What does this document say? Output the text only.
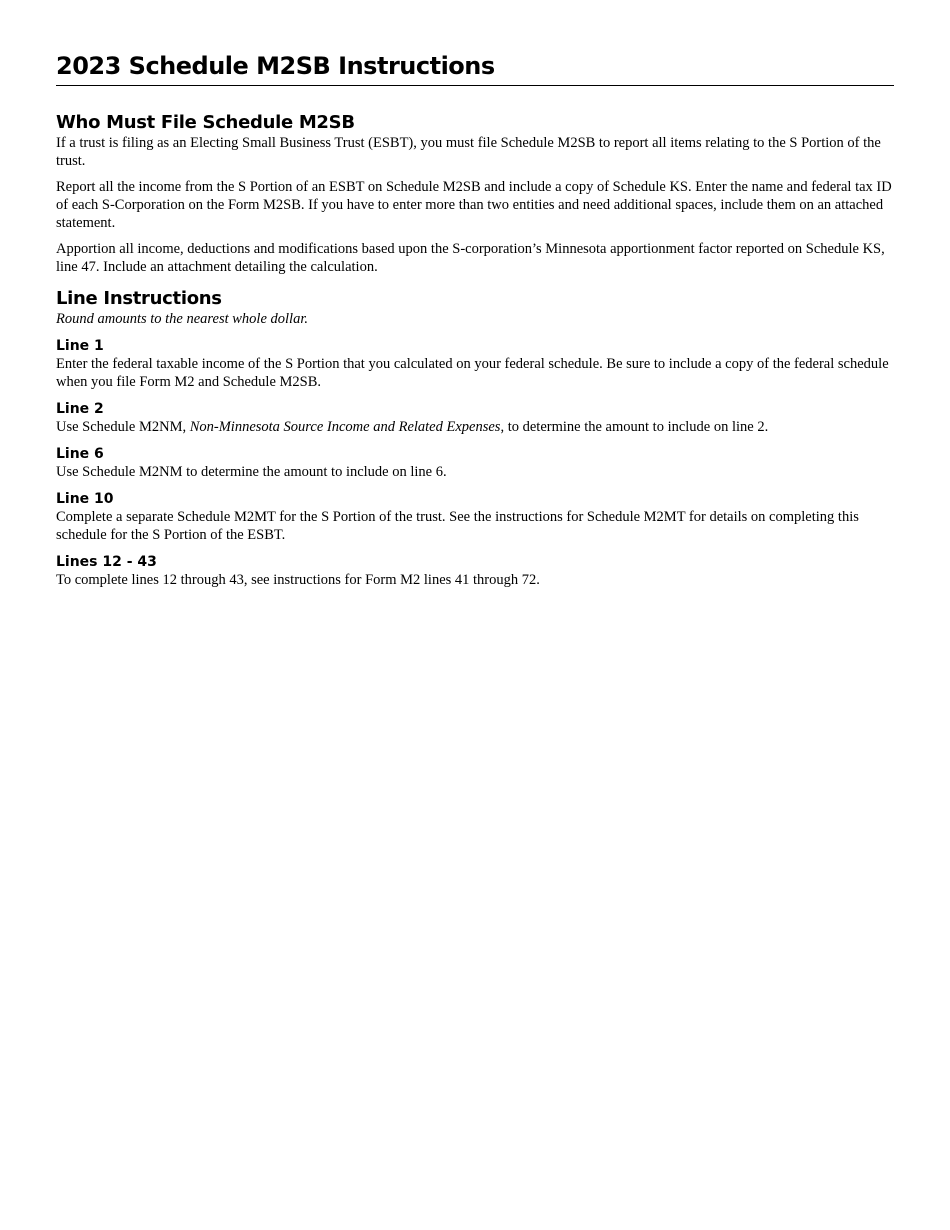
2023 Schedule M2SB Instructions
Who Must File Schedule M2SB

If a trust is filing as an Electing Small Business Trust (ESBT), you must file Schedule M2SB to report all items relating to the S Portion of the trust.

Report all the income from the S Portion of an ESBT on Schedule M2SB and include a copy of Schedule KS. Enter the name and federal tax ID of each S-Corporation on the Form M2SB. If you have to enter more than two entities and need additional spaces, include them on an attached statement.

Apportion all income, deductions and modifications based upon the S-corporation’s Minnesota apportionment factor reported on Schedule KS, line 47. Include an attachment detailing the calculation.

Line Instructions

Round amounts to the nearest whole dollar.

Line 1

Enter the federal taxable income of the S Portion that you calculated on your federal schedule. Be sure to include a copy of the federal schedule when you file Form M2 and Schedule M2SB.

Line 2

Use Schedule M2NM, Non-Minnesota Source Income and Related Expenses, to determine the amount to include on line 2.

Line 6

Use Schedule M2NM to determine the amount to include on line 6.

Line 10

Complete a separate Schedule M2MT for the S Portion of the trust. See the instructions for Schedule M2MT for details on completing this schedule for the S Portion of the ESBT.

Lines 12 - 43

To complete lines 12 through 43, see instructions for Form M2 lines 41 through 72.
